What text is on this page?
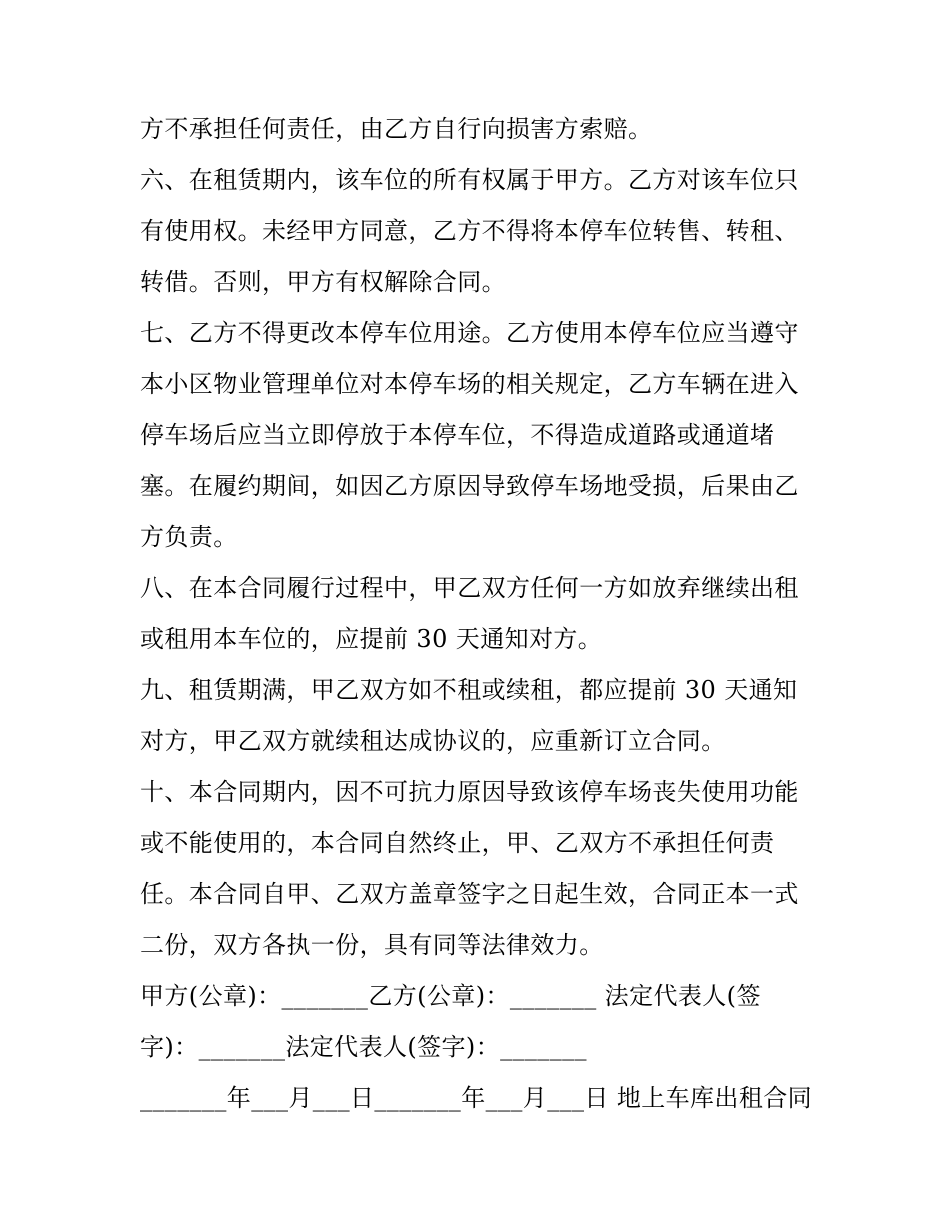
方不承担任何责任，由乙方自行向损害方索赔。
六、在租赁期内，该车位的所有权属于甲方。乙方对该车位只
有使用权。未经甲方同意，乙方不得将本停车位转售、转租、
转借。否则，甲方有权解除合同。
七、乙方不得更改本停车位用途。乙方使用本停车位应当遵守
本小区物业管理单位对本停车场的相关规定，乙方车辆在进入
停车场后应当立即停放于本停车位，不得造成道路或通道堵
塞。在履约期间，如因乙方原因导致停车场地受损，后果由乙
方负责。
八、在本合同履行过程中，甲乙双方任何一方如放弃继续出租
或租用本车位的，应提前 30 天通知对方。
九、租赁期满，甲乙双方如不租或续租，都应提前 30 天通知
对方，甲乙双方就续租达成协议的，应重新订立合同。
十、本合同期内，因不可抗力原因导致该停车场丧失使用功能
或不能使用的，本合同自然终止，甲、乙双方不承担任何责
任。本合同自甲、乙双方盖章签字之日起生效，合同正本一式
二份，双方各执一份，具有同等法律效力。
甲方(公章)：_______乙方(公章)：_______ 法定代表人(签
字)：_______法定代表人(签字)：_______
_______年___月___日_______年___月___日 地上车库出租合同
